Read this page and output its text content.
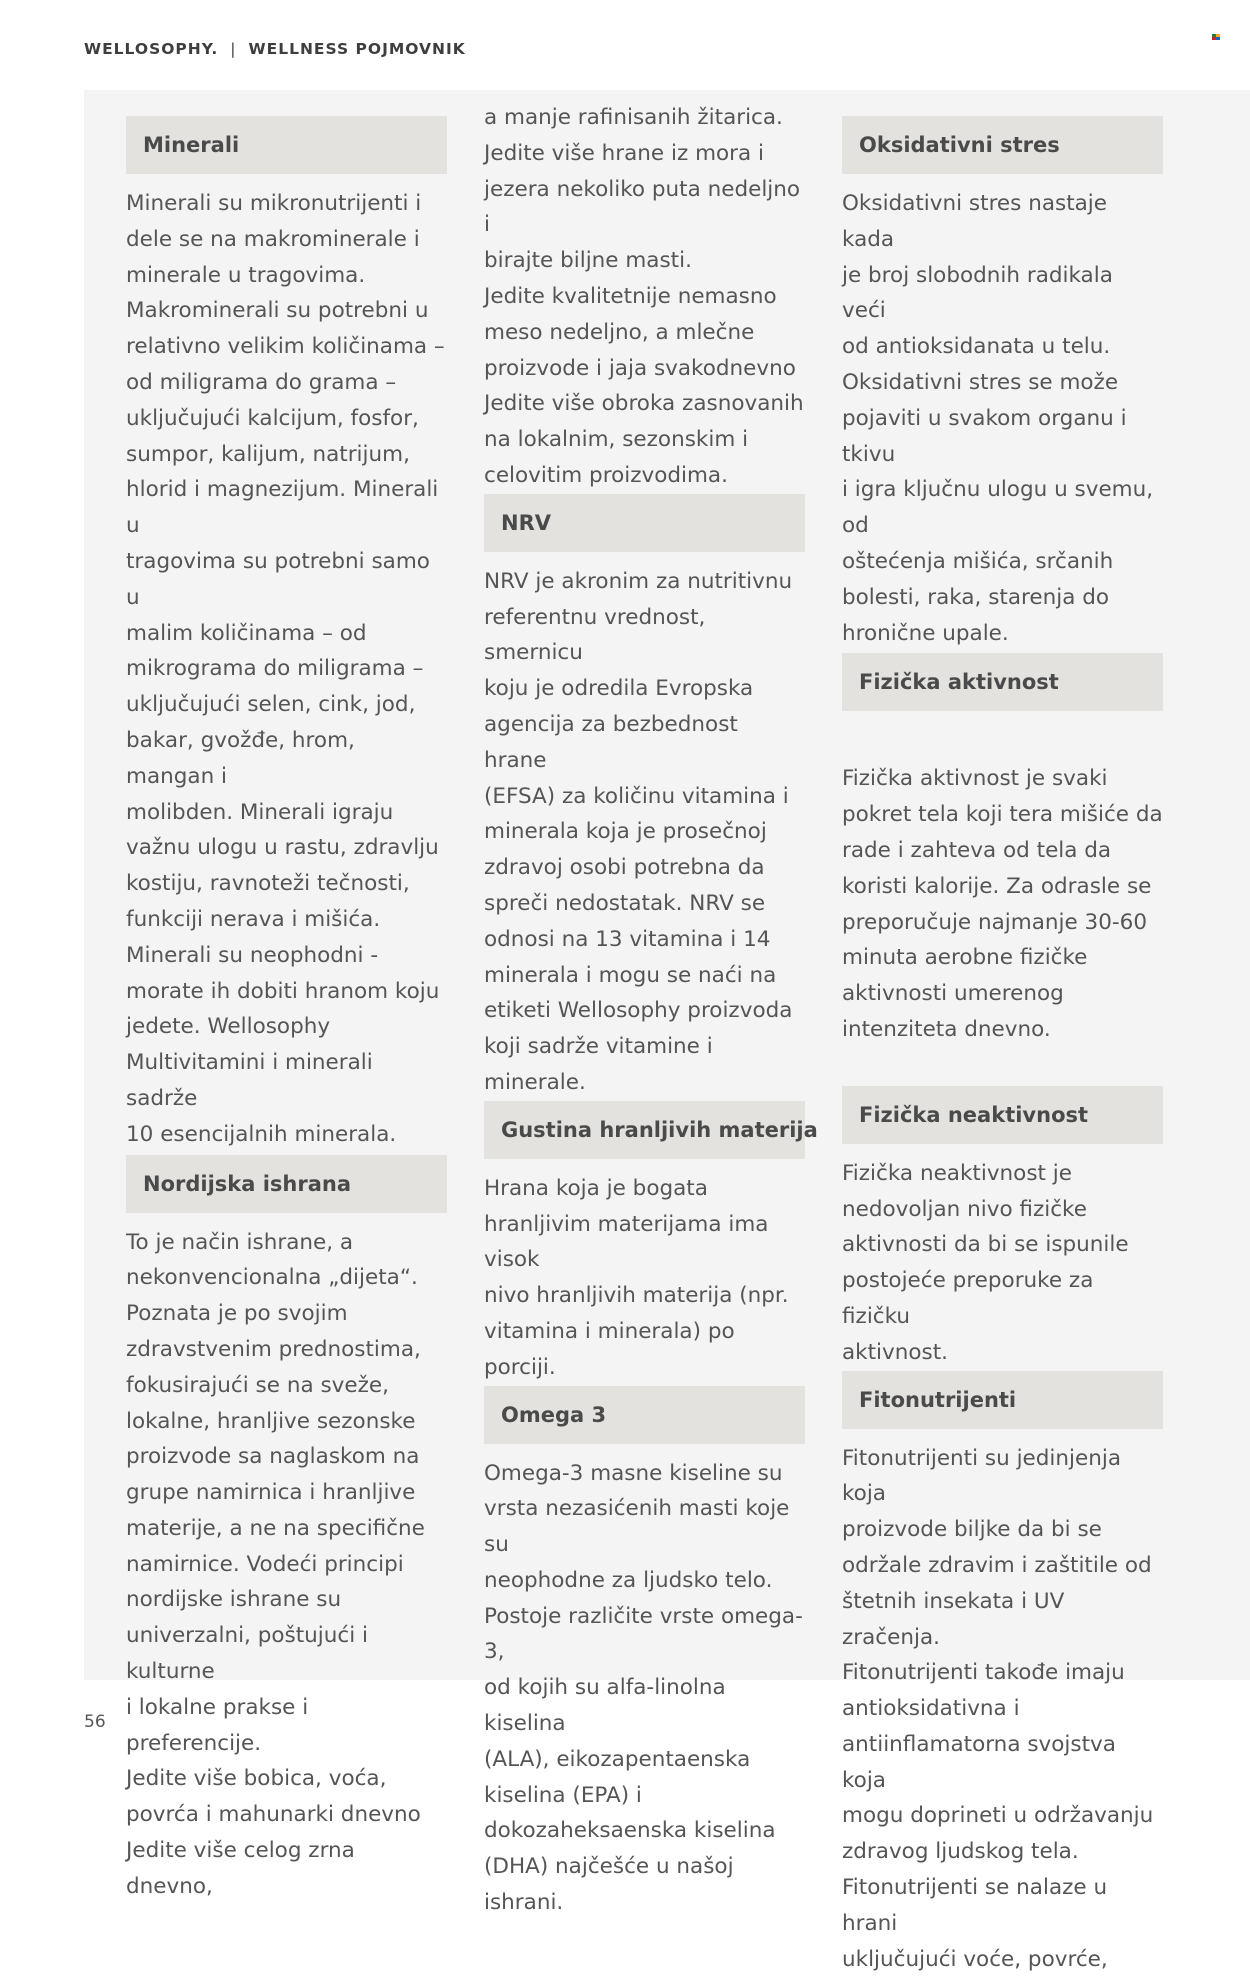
WELLOSOPHY. | WELLNESS POJMOVNIK
Minerali

Minerali su mikronutrijenti i
dele se na makrominerale i
minerale u tragovima.
Makrominerali su potrebni u
relativno velikim količinama –
od miligrama do grama –
uključujući kalcijum, fosfor,
sumpor, kalijum, natrijum,
hlorid i magnezijum. Minerali u
tragovima su potrebni samo u
malim količinama – od
mikrograma do miligrama –
uključujući selen, cink, jod,
bakar, gvožđe, hrom, mangan i
molibden. Minerali igraju
važnu ulogu u rastu, zdravlju
kostiju, ravnoteži tečnosti,
funkciji nerava i mišića.
Minerali su neophodni -
morate ih dobiti hranom koju
jedete. Wellosophy
Multivitamini i minerali sadrže
10 esencijalnih minerala.

Nordijska ishrana

To je način ishrane, a
nekonvencionalna „dijeta“.
Poznata je po svojim
zdravstvenim prednostima,
fokusirajući se na sveže,
lokalne, hranljive sezonske
proizvode sa naglaskom na
grupe namirnica i hranljive
materije, a ne na specifične
namirnice. Vodeći principi
nordijske ishrane su
univerzalni, poštujući i kulturne
i lokalne prakse i preferencije.
Jedite više bobica, voća,
povrća i mahunarki dnevno
Jedite više celog zrna dnevno,

a manje rafinisanih žitarica.
Jedite više hrane iz mora i
jezera nekoliko puta nedeljno i
birajte biljne masti.
Jedite kvalitetnije nemasno
meso nedeljno, a mlečne
proizvode i jaja svakodnevno
Jedite više obroka zasnovanih
na lokalnim, sezonskim i
celovitim proizvodima.

NRV

NRV je akronim za nutritivnu
referentnu vrednost, smernicu
koju je odredila Evropska
agencija za bezbednost hrane
(EFSA) za količinu vitamina i
minerala koja je prosečnoj
zdravoj osobi potrebna da
spreči nedostatak. NRV se
odnosi na 13 vitamina i 14
minerala i mogu se naći na
etiketi Wellosophy proizvoda
koji sadrže vitamine i minerale.

Gustina hranljivih materija

Hrana koja je bogata
hranljivim materijama ima visok
nivo hranljivih materija (npr.
vitamina i minerala) po porciji.

Omega 3

Omega-3 masne kiseline su
vrsta nezasićenih masti koje su
neophodne za ljudsko telo.
Postoje različite vrste omega-3,
od kojih su alfa-linolna kiselina
(ALA), eikozapentaenska
kiselina (EPA) i
dokozaheksaenska kiselina
(DHA) najčešće u našoj ishrani.

Oksidativni stres

Oksidativni stres nastaje kada
je broj slobodnih radikala veći
od antioksidanata u telu.
Oksidativni stres se može
pojaviti u svakom organu i tkivu
i igra ključnu ulogu u svemu, od
oštećenja mišića, srčanih
bolesti, raka, starenja do
hronične upale.

Fizička aktivnost

Fizička aktivnost je svaki
pokret tela koji tera mišiće da
rade i zahteva od tela da
koristi kalorije. Za odrasle se
preporučuje najmanje 30-60
minuta aerobne fizičke
aktivnosti umerenog
intenziteta dnevno.

Fizička neaktivnost

Fizička neaktivnost je
nedovoljan nivo fizičke
aktivnosti da bi se ispunile
postojeće preporuke za fizičku
aktivnost.

Fitonutrijenti

Fitonutrijenti su jedinjenja koja
proizvode biljke da bi se
održale zdravim i zaštitile od
štetnih insekata i UV zračenja.
Fitonutrijenti takođe imaju
antioksidativna i
antiinflamatorna svojstva koja
mogu doprineti u održavanju
zdravog ljudskog tela.
Fitonutrijenti se nalaze u hrani
uključujući voće, povrće,

56
